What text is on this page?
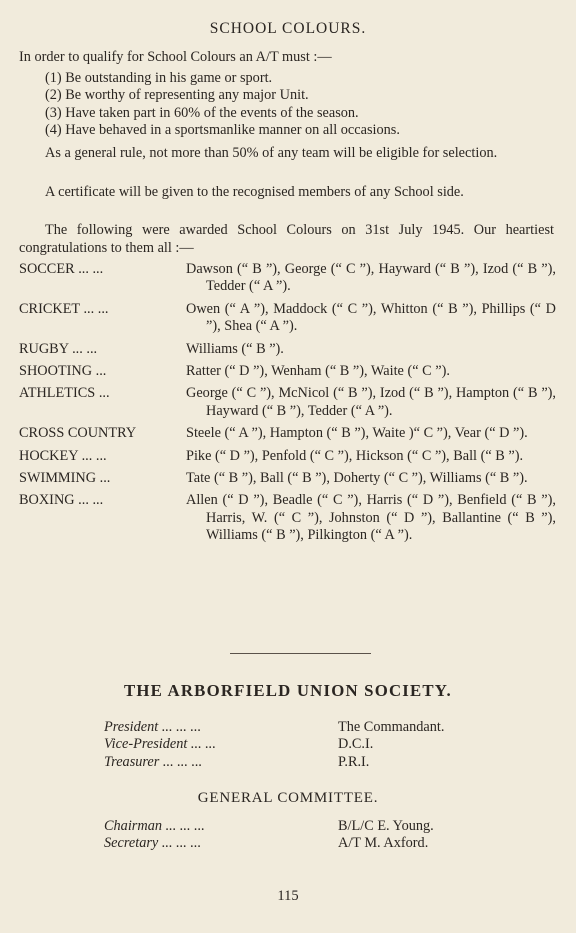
SCHOOL COLOURS.
In order to qualify for School Colours an A/T must :—
(1) Be outstanding in his game or sport.
(2) Be worthy of representing any major Unit.
(3) Have taken part in 60% of the events of the season.
(4) Have behaved in a sportsmanlike manner on all occasions.
As a general rule, not more than 50% of any team will be eligible for selection.
A certificate will be given to the recognised members of any School side.
The following were awarded School Colours on 31st July 1945. Our heartiest congratulations to them all :—
SOCCER ... ...	Dawson (“ B ”), George (“ C ”), Hayward (“ B ”), Izod (“ B ”), Tedder (“ A ”).
CRICKET ... ...	Owen (“ A ”), Maddock (“ C ”), Whitton (“ B ”), Phillips (“ D ”), Shea (“ A ”).
RUGBY ... ...	Williams (“ B ”).
SHOOTING ...	Ratter (“ D ”), Wenham (“ B ”), Waite (“ C ”).
ATHLETICS ...	George (“ C ”), McNicol (“ B ”), Izod (“ B ”), Hampton (“ B ”), Hayward (“ B ”), Tedder (“ A ”).
CROSS COUNTRY	Steele (“ A ”), Hampton (“ B ”), Waite )“ C ”), Vear (“ D ”).
HOCKEY ... ...	Pike (“ D ”), Penfold (“ C ”), Hickson (“ C ”), Ball (“ B ”).
SWIMMING ...	Tate (“ B ”), Ball (“ B ”), Doherty (“ C ”), Williams (“ B ”).
BOXING ... ...	Allen (“ D ”), Beadle (“ C ”), Harris (“ D ”), Benfield (“ B ”), Harris, W. (“ C ”), Johnston (“ D ”), Ballantine (“ B ”), Williams (“ B ”), Pilkington (“ A ”).
THE ARBORFIELD UNION SOCIETY.
President ... ... ...	The Commandant.
Vice-President ... ...	D.C.I.
Treasurer ... ... ...	P.R.I.
GENERAL COMMITTEE.
Chairman ... ... ...	B/L/C E. Young.
Secretary ... ... ...	A/T M. Axford.
115
